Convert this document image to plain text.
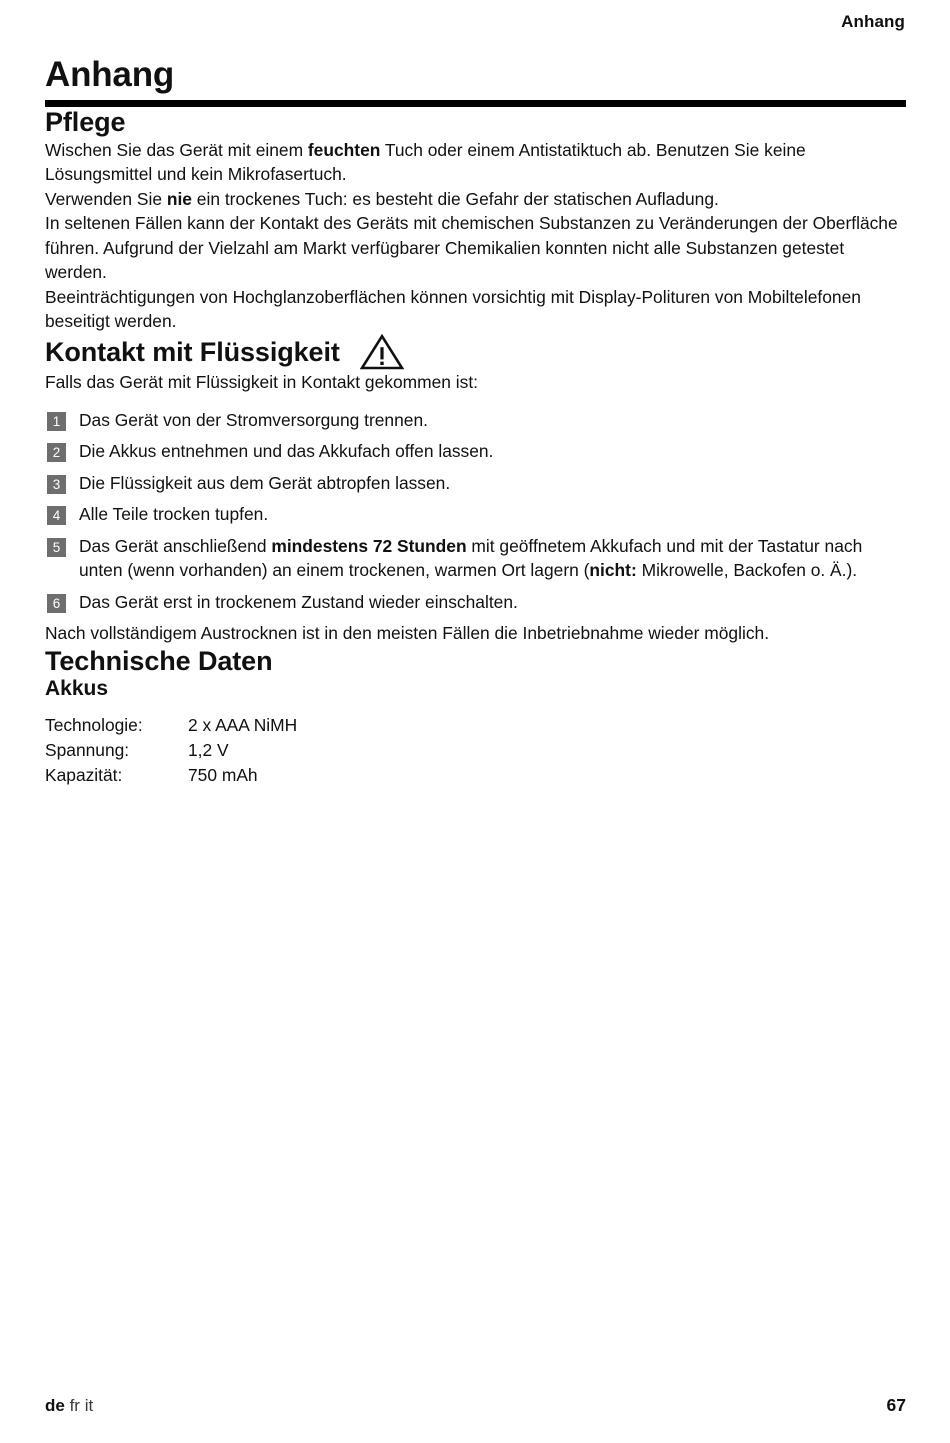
Anhang
Anhang
Pflege

Wischen Sie das Gerät mit einem feuchten Tuch oder einem Antistatiktuch ab. Benutzen Sie keine Lösungsmittel und kein Mikrofasertuch.

Verwenden Sie nie ein trockenes Tuch: es besteht die Gefahr der statischen Aufladung.

In seltenen Fällen kann der Kontakt des Geräts mit chemischen Substanzen zu Veränderungen der Oberfläche führen. Aufgrund der Vielzahl am Markt verfügbarer Chemikalien konnten nicht alle Substanzen getestet werden.

Beeinträchtigungen von Hochglanzoberflächen können vorsichtig mit Display-Polituren von Mobiltelefonen beseitigt werden.

Kontakt mit Flüssigkeit

Falls das Gerät mit Flüssigkeit in Kontakt gekommen ist:

1	Das Gerät von der Stromversorgung trennen.
2	Die Akkus entnehmen und das Akkufach offen lassen.
3	Die Flüssigkeit aus dem Gerät abtropfen lassen.
4	Alle Teile trocken tupfen.
5	Das Gerät anschließend mindestens 72 Stunden mit geöffnetem Akkufach und mit der Tastatur nach unten (wenn vorhanden) an einem trockenen, warmen Ort lagern (nicht: Mikrowelle, Backofen o. Ä.).
6	Das Gerät erst in trockenem Zustand wieder einschalten.

Nach vollständigem Austrocknen ist in den meisten Fällen die Inbetriebnahme wieder möglich.

Technische Daten
Akkus
Technologie:	2 x AAA NiMH
Spannung:	1,2 V
Kapazität:	750 mAh
de fr it	67
